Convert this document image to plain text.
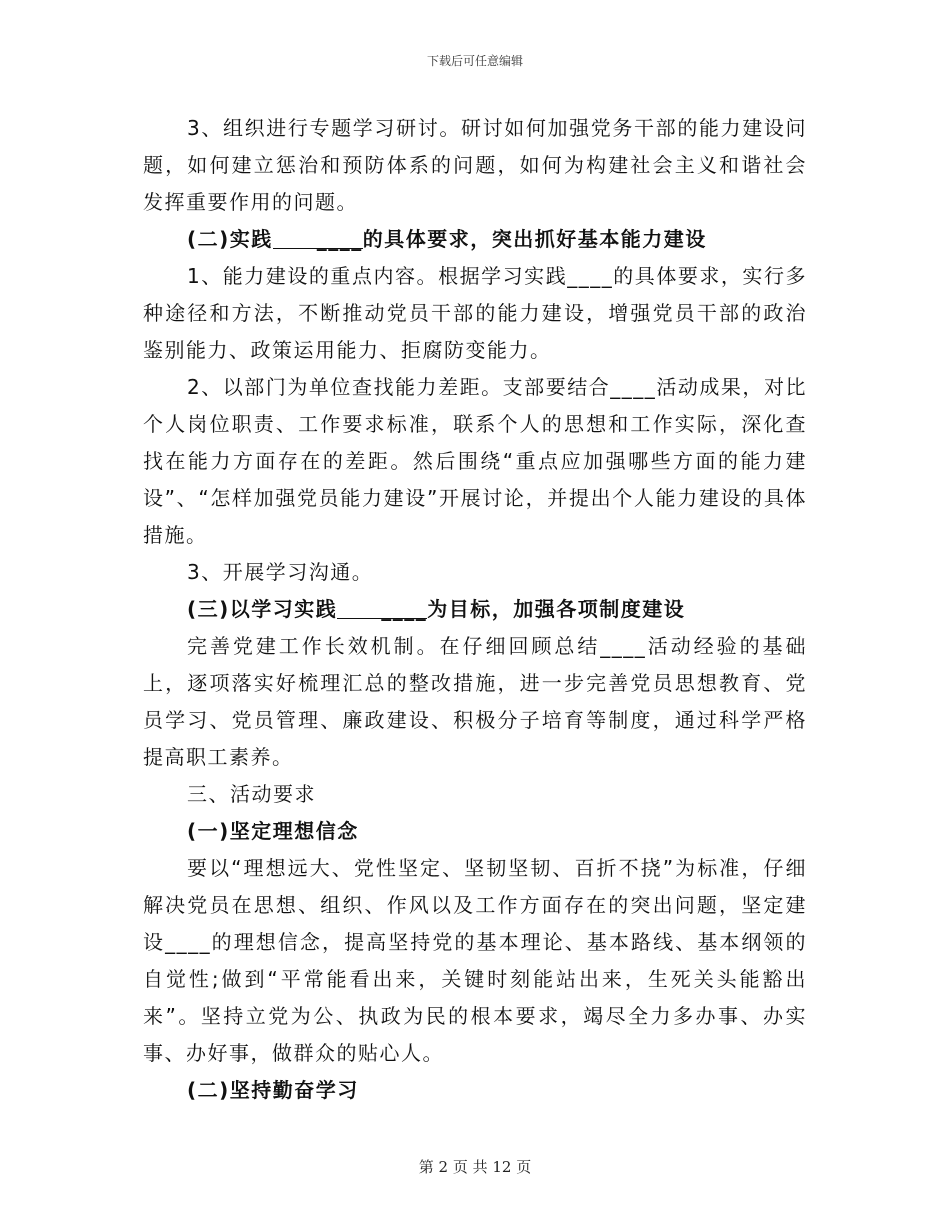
下载后可任意编辑

3、组织进行专题学习研讨。研讨如何加强党务干部的能力建设问题，如何建立惩治和预防体系的问题，如何为构建社会主义和谐社会发挥重要作用的问题。

(二)实践 ____的具体要求，突出抓好基本能力建设

1、能力建设的重点内容。根据学习实践____的具体要求，实行多种途径和方法，不断推动党员干部的能力建设，增强党员干部的政治鉴别能力、政策运用能力、拒腐防变能力。

2、以部门为单位查找能力差距。支部要结合____活动成果，对比个人岗位职责、工作要求标准，联系个人的思想和工作实际，深化查找在能力方面存在的差距。然后围绕“重点应加强哪些方面的能力建设”、“怎样加强党员能力建设”开展讨论，并提出个人能力建设的具体措施。

3、开展学习沟通。

(三)以学习实践 ____为目标，加强各项制度建设

完善党建工作长效机制。在仔细回顾总结____活动经验的基础上，逐项落实好梳理汇总的整改措施，进一步完善党员思想教育、党员学习、党员管理、廉政建设、积极分子培育等制度，通过科学严格提高职工素养。

三、活动要求

(一)坚定理想信念

要以“理想远大、党性坚定、坚韧坚韧、百折不挠”为标准，仔细解决党员在思想、组织、作风以及工作方面存在的突出问题，坚定建设____的理想信念，提高坚持党的基本理论、基本路线、基本纲领的自觉性;做到“平常能看出来，关键时刻能站出来，生死关头能豁出来”。坚持立党为公、执政为民的根本要求，竭尽全力多办事、办实事、办好事，做群众的贴心人。

(二)坚持勤奋学习

第 2 页 共 12 页
